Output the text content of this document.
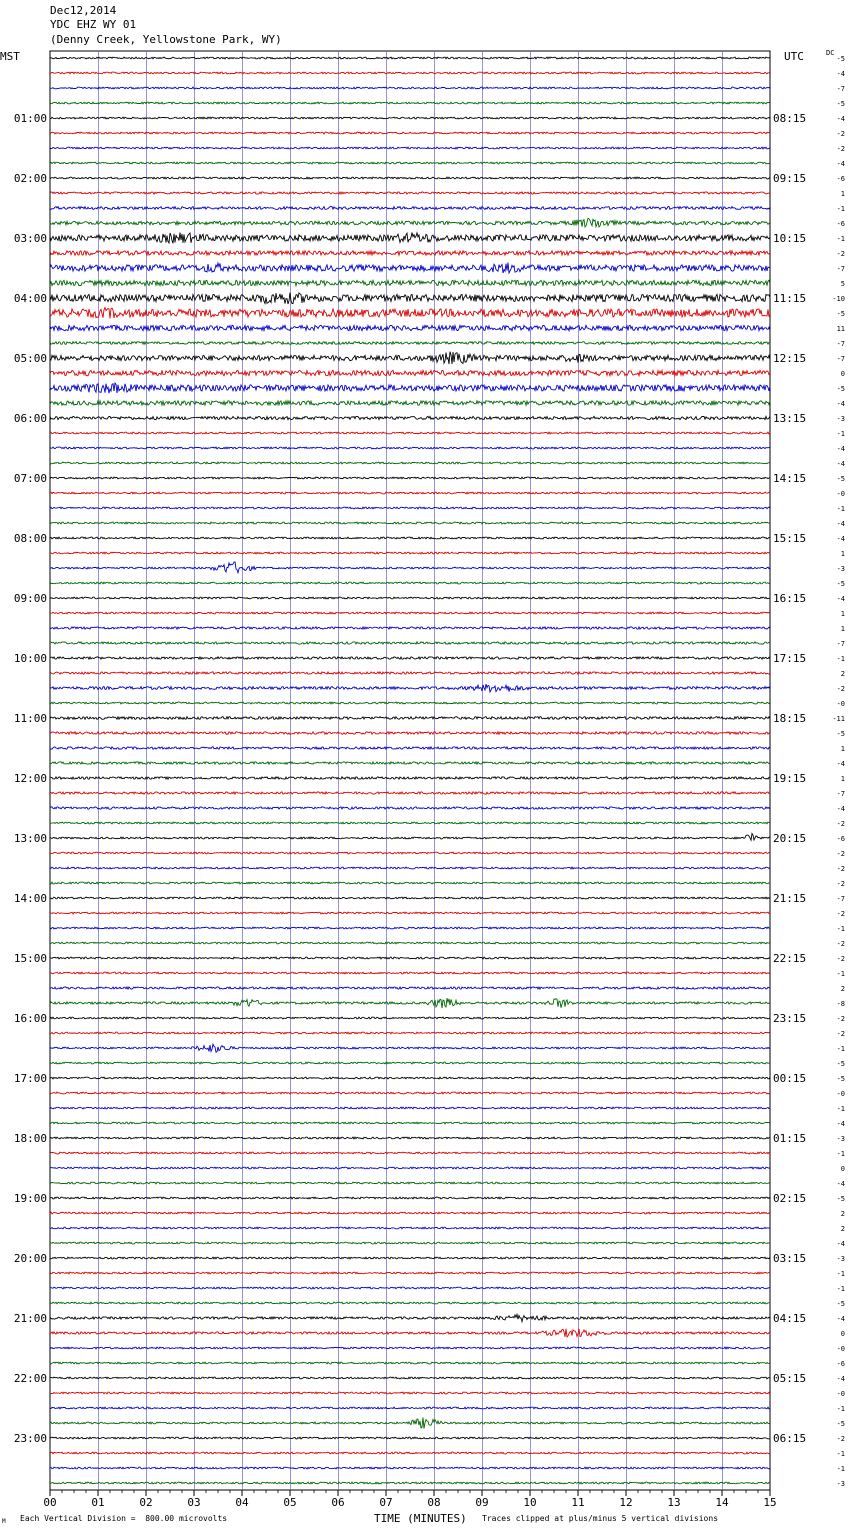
Dec12,2014
YDC EHZ WY 01
(Denny Creek, Yellowstone Park, WY)
MST	UTC	DC
01:00
02:00
03:00
04:00
05:00
06:00
07:00
08:00
09:00
10:00
11:00
12:00
13:00
14:00
15:00
16:00
17:00
18:00
19:00
20:00
21:00
22:00
23:00
08:15
09:15
10:15
11:15
12:15
13:15
14:15
15:15
16:15
17:15
18:15
19:15
20:15
21:15
22:15
23:15
00:15
01:15
02:15
03:15
04:15
05:15
06:15
-5
-4
-7
-5
-4
-2
-2
-4
-6
1
-1
-6
-1
-2
-7
5
-10
-5
11
-7
-7
0
-5
-4
-3
-1
-4
-4
-5
-0
-1
-4
-4
1
-3
-5
-4
1
1
-7
-1
2
-2
-0
-11
-5
1
-4
1
-7
-4
-2
-6
-2
-2
-2
-7
-2
-1
-2
-2
-1
2
-8
-2
-2
-1
-5
-5
-0
-1
-4
-3
-1
0
-4
-5
2
2
-4
-3
-1
-1
-5
-4
0
-0
-6
-4
-0
-1
-5
-2
-1
-1
-3
00	01	02	03	04	05	06	07	08	09	10	11	12	13	14	15
M Each Vertical Division =  800.00 microvolts	TIME (MINUTES) Traces clipped at plus/minus 5 vertical divisions
